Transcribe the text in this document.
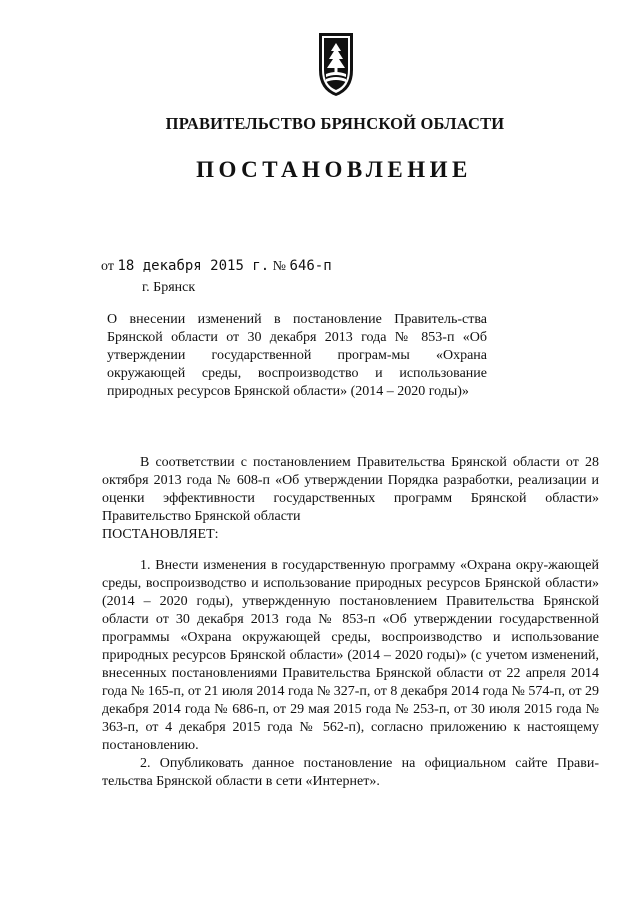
ПРАВИТЕЛЬСТВО БРЯНСКОЙ ОБЛАСТИ
ПОСТАНОВЛЕНИЕ
от 18 декабря 2015 г. № 646-п
г. Брянск

О внесении изменений в постановление Правитель-ства Брянской области от 30 декабря 2013 года № 853-п «Об утверждении государственной програм-мы «Охрана окружающей среды, воспроизводство и использование природных ресурсов Брянской области» (2014 – 2020 годы)»

В соответствии с постановлением Правительства Брянской области от 28 октября 2013 года № 608-п «Об утверждении Порядка разработки, реализации и оценки эффективности государственных программ Брянской области» Правительство Брянской области

ПОСТАНОВЛЯЕТ:

1. Внести изменения в государственную программу «Охрана окру-жающей среды, воспроизводство и использование природных ресурсов Брянской области» (2014 – 2020 годы), утвержденную постановлением Правительства Брянской области от 30 декабря 2013 года № 853-п «Об утверждении государственной программы «Охрана окружающей среды, воспроизводство и использование природных ресурсов Брянской области» (2014 – 2020 годы)» (с учетом изменений, внесенных постановлениями Правительства Брянской области от 22 апреля 2014 года № 165-п, от 21 июля 2014 года № 327-п, от 8 декабря 2014 года № 574-п, от 29 декабря 2014 года № 686-п, от 29 мая 2015 года № 253-п, от 30 июля 2015 года № 363-п, от 4 декабря 2015 года № 562-п), согласно приложению к настоящему постановлению.

2. Опубликовать данное постановление на официальном сайте Прави-тельства Брянской области в сети «Интернет».
